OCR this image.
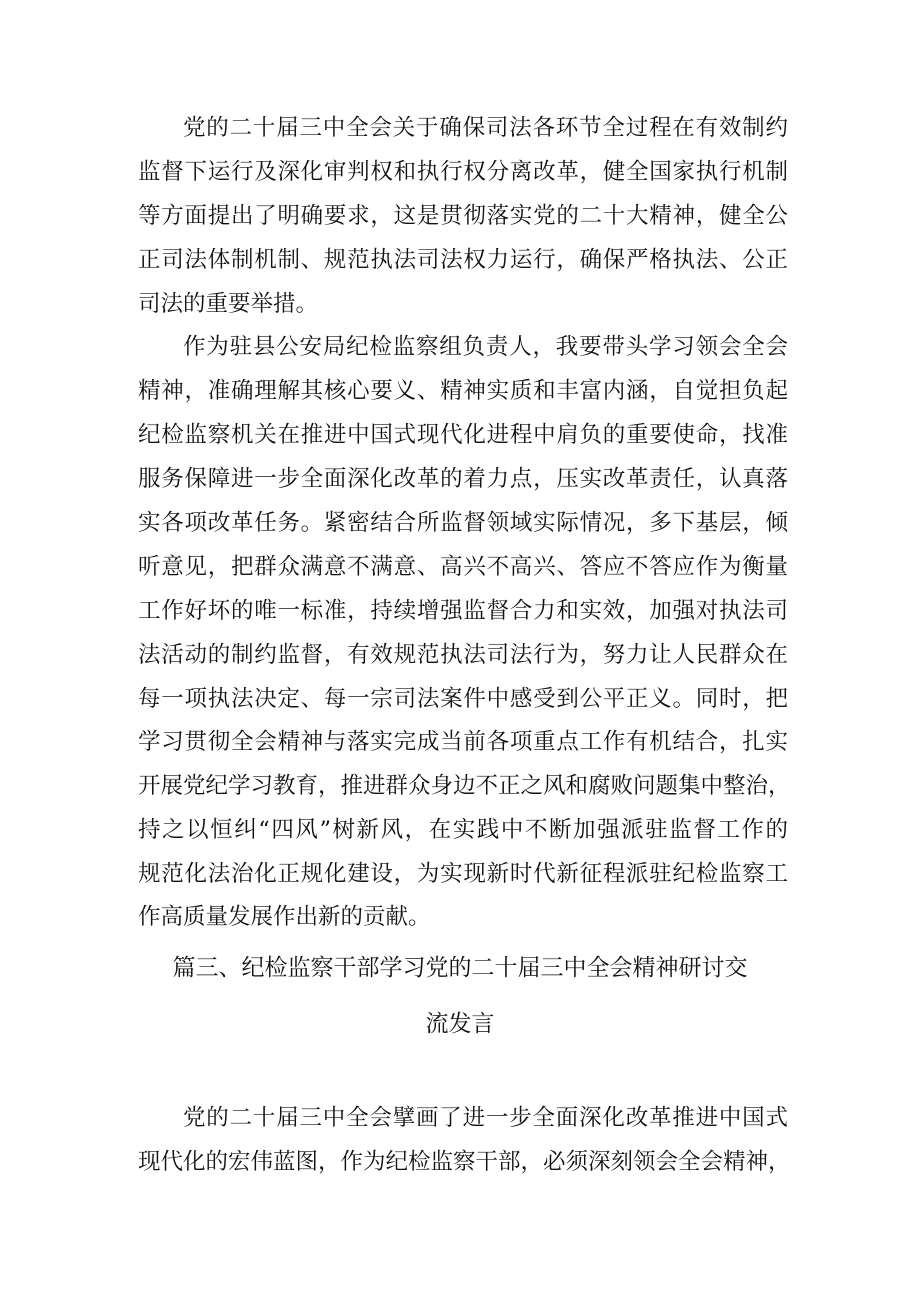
党的二十届三中全会关于确保司法各环节全过程在有效制约
监督下运行及深化审判权和执行权分离改革，健全国家执行机制
等方面提出了明确要求，这是贯彻落实党的二十大精神，健全公
正司法体制机制、规范执法司法权力运行，确保严格执法、公正
司法的重要举措。
作为驻县公安局纪检监察组负责人，我要带头学习领会全会
精神，准确理解其核心要义、精神实质和丰富内涵，自觉担负起
纪检监察机关在推进中国式现代化进程中肩负的重要使命，找准
服务保障进一步全面深化改革的着力点，压实改革责任，认真落
实各项改革任务。紧密结合所监督领域实际情况，多下基层，倾
听意见，把群众满意不满意、高兴不高兴、答应不答应作为衡量
工作好坏的唯一标准，持续增强监督合力和实效，加强对执法司
法活动的制约监督，有效规范执法司法行为，努力让人民群众在
每一项执法决定、每一宗司法案件中感受到公平正义。同时，把
学习贯彻全会精神与落实完成当前各项重点工作有机结合，扎实
开展党纪学习教育，推进群众身边不正之风和腐败问题集中整治，
持之以恒纠“四风”树新风，在实践中不断加强派驻监督工作的
规范化法治化正规化建设，为实现新时代新征程派驻纪检监察工
作高质量发展作出新的贡献。
篇三、纪检监察干部学习党的二十届三中全会精神研讨交
流发言
党的二十届三中全会擘画了进一步全面深化改革推进中国式
现代化的宏伟蓝图，作为纪检监察干部，必须深刻领会全会精神，
